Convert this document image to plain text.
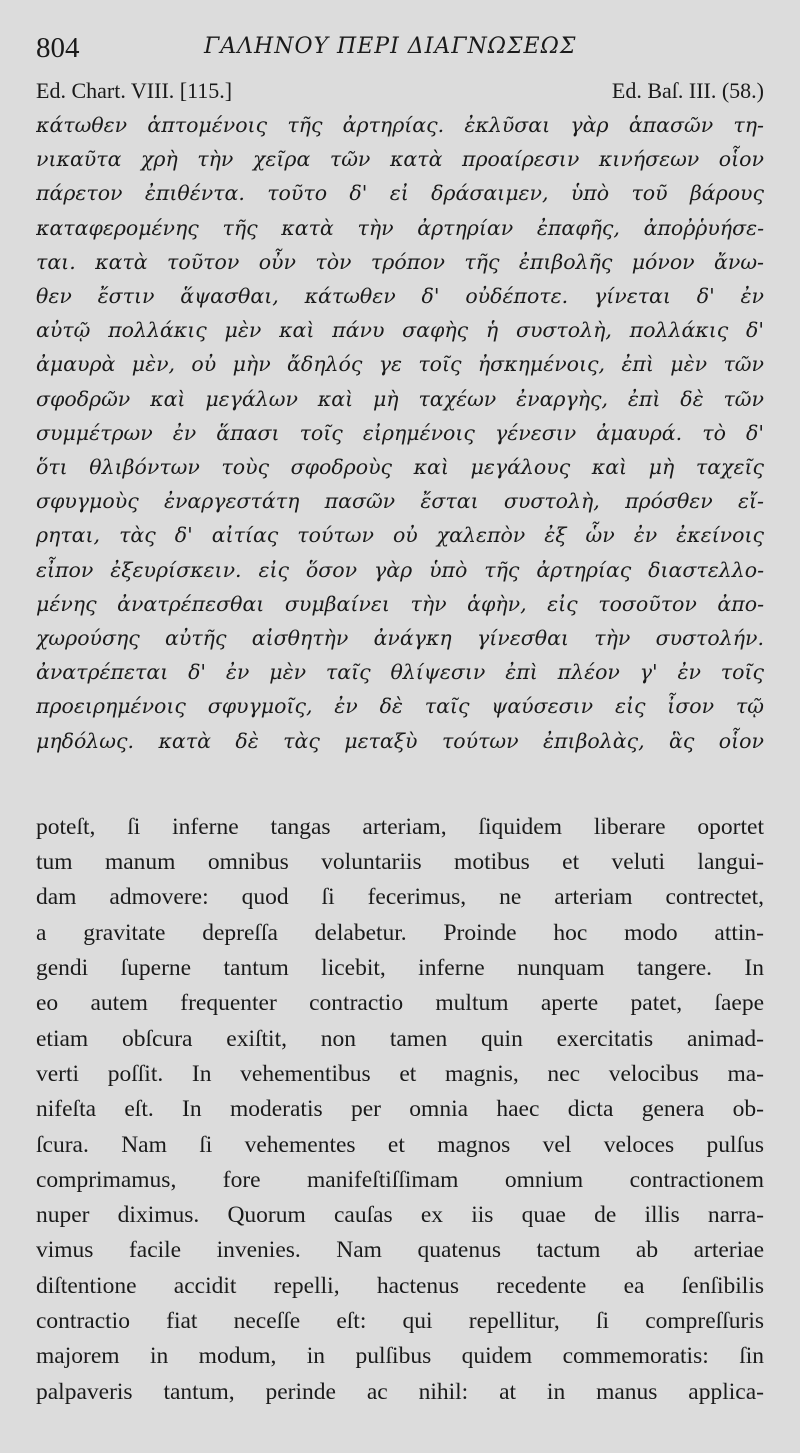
804	ΓΑΛΗΝΟΥ ΠΕΡΙ ΔΙΑΓΝΩΣΕΩΣ
Ed. Chart. VIII. [115.]	Ed. Baſ. III. (58.)
κάτωθεν ἁπτομένοις τῆς ἀρτηρίας. ἐκλῦσαι γὰρ ἁπασῶν τη-
νικαῦτα χρὴ τὴν χεῖρα τῶν κατὰ προαίρεσιν κινήσεων οἷον
πάρετον ἐπιθέντα. τοῦτο δ' εἰ δράσαιμεν, ὑπὸ τοῦ βάρους
καταφερομένης τῆς κατὰ τὴν ἀρτηρίαν ἐπαφῆς, ἀποῤῥυήσε-
ται. κατὰ τοῦτον οὖν τὸν τρόπον τῆς ἐπιβολῆς μόνον ἄνω-
θεν ἔστιν ἅψασθαι, κάτωθεν δ' οὐδέποτε. γίνεται δ' ἐν
αὐτῷ πολλάκις μὲν καὶ πάνυ σαφὴς ἡ συστολὴ, πολλάκις δ'
ἀμαυρὰ μὲν, οὐ μὴν ἄδηλός γε τοῖς ἠσκημένοις, ἐπὶ μὲν τῶν
σφοδρῶν καὶ μεγάλων καὶ μὴ ταχέων ἐναργὴς, ἐπὶ δὲ τῶν
συμμέτρων ἐν ἅπασι τοῖς εἰρημένοις γένεσιν ἀμαυρά. τὸ δ'
ὅτι θλιβόντων τοὺς σφοδροὺς καὶ μεγάλους καὶ μὴ ταχεῖς
σφυγμοὺς ἐναργεστάτη πασῶν ἔσται συστολὴ, πρόσθεν εἴ-
ρηται, τὰς δ' αἰτίας τούτων οὐ χαλεπὸν ἐξ ὧν ἐν ἐκείνοις
εἶπον ἐξευρίσκειν. εἰς ὅσον γὰρ ὑπὸ τῆς ἀρτηρίας διαστελλο-
μένης ἀνατρέπεσθαι συμβαίνει τὴν ἁφὴν, εἰς τοσοῦτον ἀπο-
χωρούσης αὐτῆς αἰσθητὴν ἀνάγκη γίνεσθαι τὴν συστολήν.
ἀνατρέπεται δ' ἐν μὲν ταῖς θλίψεσιν ἐπὶ πλέον γ' ἐν τοῖς
προειρημένοις σφυγμοῖς, ἐν δὲ ταῖς ψαύσεσιν εἰς ἶσον τῷ
μηδόλως. κατὰ δὲ τὰς μεταξὺ τούτων ἐπιβολὰς, ἃς οἷον
poteſt, ſi inferne tangas arteriam, ſiquidem liberare oportet
tum manum omnibus voluntariis motibus et veluti langui-
dam admovere: quod ſi fecerimus, ne arteriam contrectet,
a gravitate depreſſa delabetur. Proinde hoc modo attin-
gendi ſuperne tantum licebit, inferne nunquam tangere. In
eo autem frequenter contractio multum aperte patet, ſaepe
etiam obſcura exiſtit, non tamen quin exercitatis animad-
verti poſſit. In vehementibus et magnis, nec velocibus ma-
nifeſta eſt. In moderatis per omnia haec dicta genera ob-
ſcura. Nam ſi vehementes et magnos vel veloces pulſus
comprimamus, fore manifeſtiſſimam omnium contractionem
nuper diximus. Quorum cauſas ex iis quae de illis narra-
vimus facile invenies. Nam quatenus tactum ab arteriae
diſtentione accidit repelli, hactenus recedente ea ſenſibilis
contractio fiat neceſſe eſt: qui repellitur, ſi compreſſuris
majorem in modum, in pulſibus quidem commemoratis: ſin
palpaveris tantum, perinde ac nihil: at in manus applica-
